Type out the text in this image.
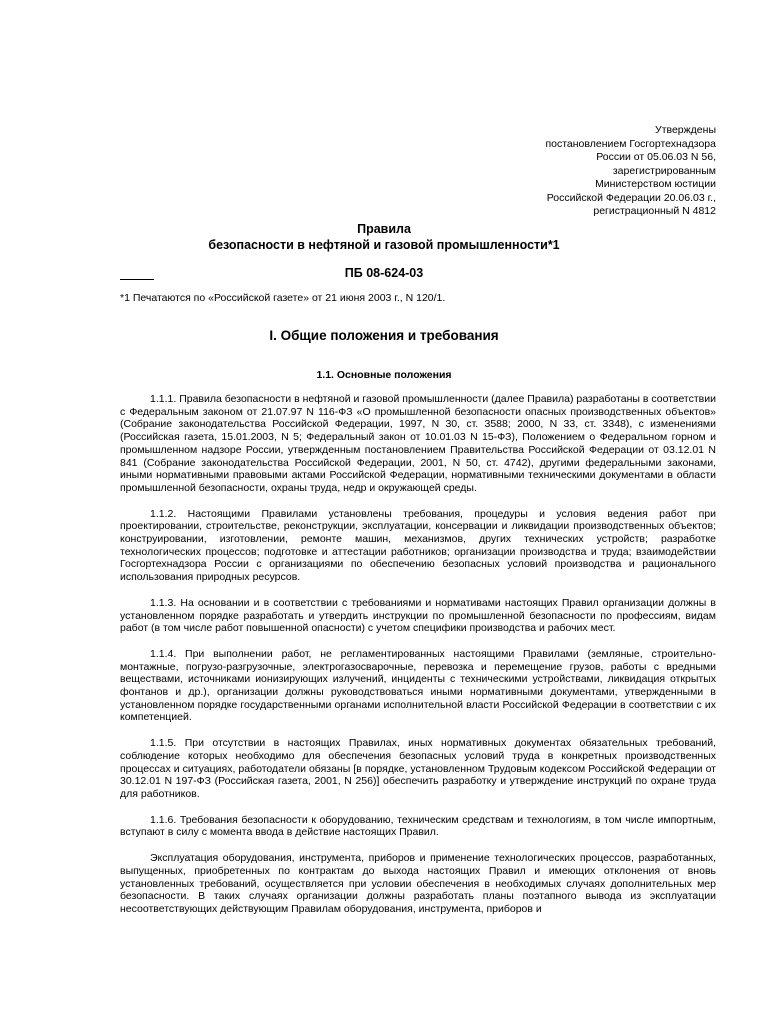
Утверждены
постановлением Госгортехнадзора
России от 05.06.03 N 56,
зарегистрированным
Министерством юстиции
Российской Федерации 20.06.03 г.,
регистрационный N 4812
Правила
безопасности в нефтяной и газовой промышленности*1
ПБ 08-624-03
*1 Печатаются по «Российской газете» от 21 июня 2003 г., N 120/1.
I. Общие положения и требования
1.1. Основные положения

1.1.1. Правила безопасности в нефтяной и газовой промышленности (далее Правила) разработаны в соответствии с Федеральным законом от 21.07.97 N 116-ФЗ «О промышленной безопасности опасных производственных объектов» (Собрание законодательства Российской Федерации, 1997, N 30, ст. 3588; 2000, N 33, ст. 3348), с изменениями (Российская газета, 15.01.2003, N 5; Федеральный закон от 10.01.03 N 15-ФЗ), Положением о Федеральном горном и промышленном надзоре России, утвержденным постановлением Правительства Российской Федерации от 03.12.01 N 841 (Собрание законодательства Российской Федерации, 2001, N 50, ст. 4742), другими федеральными законами, иными нормативными правовыми актами Российской Федерации, нормативными техническими документами в области промышленной безопасности, охраны труда, недр и окружающей среды.

1.1.2. Настоящими Правилами установлены требования, процедуры и условия ведения работ при проектировании, строительстве, реконструкции, эксплуатации, консервации и ликвидации производственных объектов; конструировании, изготовлении, ремонте машин, механизмов, других технических устройств; разработке технологических процессов; подготовке и аттестации работников; организации производства и труда; взаимодействии Госгортехнадзора России с организациями по обеспечению безопасных условий производства и рационального использования природных ресурсов.

1.1.3. На основании и в соответствии с требованиями и нормативами настоящих Правил организации должны в установленном порядке разработать и утвердить инструкции по промышленной безопасности по профессиям, видам работ (в том числе работ повышенной опасности) с учетом специфики производства и рабочих мест.

1.1.4. При выполнении работ, не регламентированных настоящими Правилами (земляные, строительно-монтажные, погрузо-разгрузочные, электрогазосварочные, перевозка и перемещение грузов, работы с вредными веществами, источниками ионизирующих излучений, инциденты с техническими устройствами, ликвидация открытых фонтанов и др.), организации должны руководствоваться иными нормативными документами, утвержденными в установленном порядке государственными органами исполнительной власти Российской Федерации в соответствии с их компетенцией.

1.1.5. При отсутствии в настоящих Правилах, иных нормативных документах обязательных требований, соблюдение которых необходимо для обеспечения безопасных условий труда в конкретных производственных процессах и ситуациях, работодатели обязаны [в порядке, установленном Трудовым кодексом Российской Федерации от 30.12.01 N 197-ФЗ (Российская газета, 2001, N 256)] обеспечить разработку и утверждение инструкций по охране труда для работников.

1.1.6. Требования безопасности к оборудованию, техническим средствам и технологиям, в том числе импортным, вступают в силу с момента ввода в действие настоящих Правил.

Эксплуатация оборудования, инструмента, приборов и применение технологических процессов, разработанных, выпущенных, приобретенных по контрактам до выхода настоящих Правил и имеющих отклонения от вновь установленных требований, осуществляется при условии обеспечения в необходимых случаях дополнительных мер безопасности. В таких случаях организации должны разработать планы поэтапного вывода из эксплуатации несоответствующих действующим Правилам оборудования, инструмента, приборов и
